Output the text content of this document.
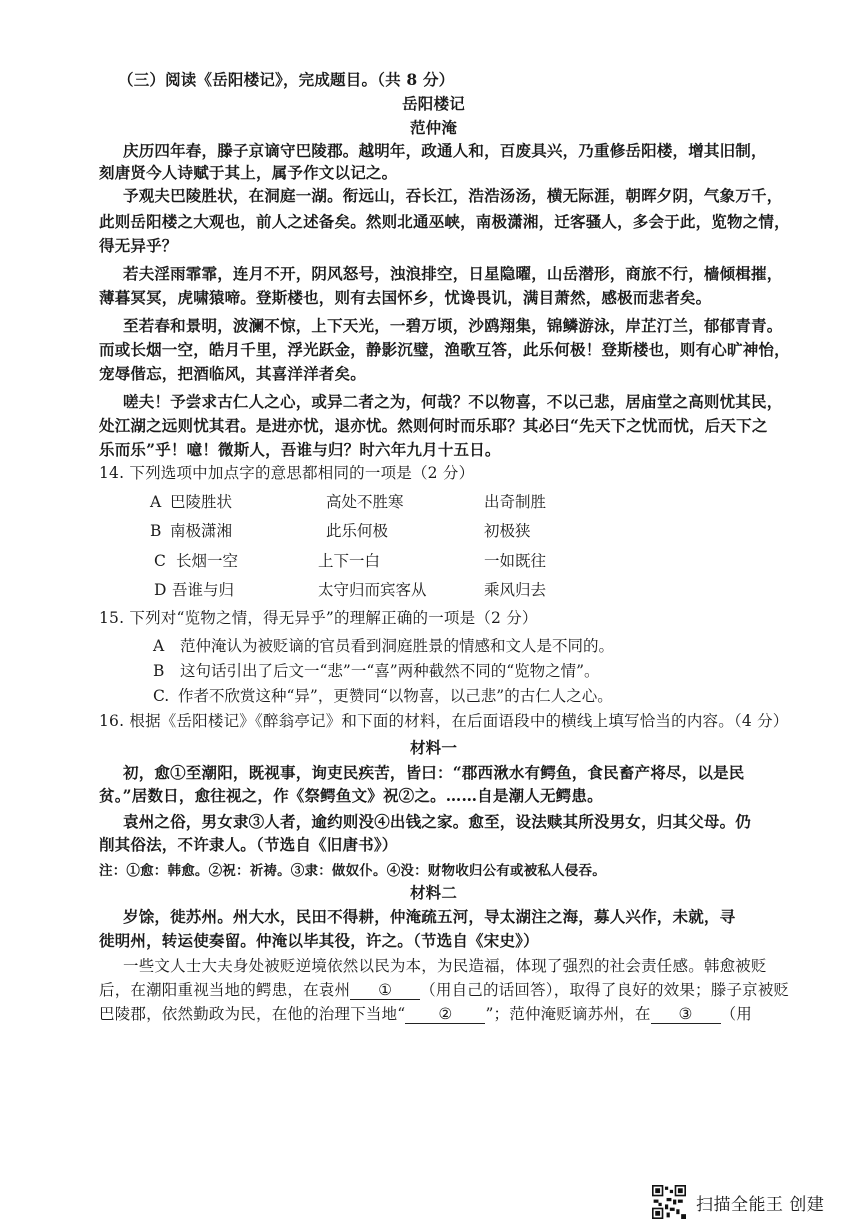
（三）阅读《岳阳楼记》，完成题目。（共 8 分）
岳阳楼记
范仲淹
庆历四年春，滕子京谪守巴陵郡。越明年，政通人和，百废具兴，乃重修岳阳楼，增其旧制，
刻唐贤今人诗赋于其上，属予作文以记之。
予观夫巴陵胜状，在洞庭一湖。衔远山，吞长江，浩浩汤汤，横无际涯，朝晖夕阴，气象万千，
此则岳阳楼之大观也，前人之述备矣。然则北通巫峡，南极潇湘，迁客骚人，多会于此，览物之情，
得无异乎？
若夫淫雨霏霏，连月不开，阴风怒号，浊浪排空，日星隐曜，山岳潜形，商旅不行，樯倾楫摧，
薄暮冥冥，虎啸猿啼。登斯楼也，则有去国怀乡，忧谗畏讥，满目萧然，感极而悲者矣。
至若春和景明，波澜不惊，上下天光，一碧万顷，沙鸥翔集，锦鳞游泳，岸芷汀兰，郁郁青青。
而或长烟一空，皓月千里，浮光跃金，静影沉璧，渔歌互答，此乐何极！登斯楼也，则有心旷神怡，
宠辱偕忘，把酒临风，其喜洋洋者矣。
嗟夫！予尝求古仁人之心，或异二者之为，何哉？不以物喜，不以己悲，居庙堂之高则忧其民，
处江湖之远则忧其君。是进亦忧，退亦忧。然则何时而乐耶？其必曰“先天下之忧而忧，后天下之
乐而乐”乎！噫！微斯人，吾谁与归？时六年九月十五日。
14. 下列选项中加点字的意思都相同的一项是（2 分）
A 巴陵胜状	高处不胜寒	出奇制胜
B 南极潇湘	此乐何极	初极狭
C 长烟一空	上下一白	一如既往
D 吾谁与归	太守归而宾客从	乘风归去
15. 下列对“览物之情，得无异乎”的理解正确的一项是（2 分）
A 范仲淹认为被贬谪的官员看到洞庭胜景的情感和文人是不同的。
B 这句话引出了后文一“悲”一“喜”两种截然不同的“览物之情”。
C. 作者不欣赏这种“异”，更赞同“以物喜，以己悲”的古仁人之心。
16. 根据《岳阳楼记》《醉翁亭记》和下面的材料，在后面语段中的横线上填写恰当的内容。（4 分）
材料一
初，愈①至潮阳，既视事，询吏民疾苦，皆曰：“郡西湫水有鳄鱼，食民畜产将尽，以是民
贫。”居数日，愈往视之，作《祭鳄鱼文》祝②之。……自是潮人无鳄患。
袁州之俗，男女隶③人者，逾约则没④出钱之家。愈至，设法赎其所没男女，归其父母。仍
削其俗法，不许隶人。（节选自《旧唐书》）
注：①愈：韩愈。②祝：祈祷。③隶：做奴仆。④没：财物收归公有或被私人侵吞。
材料二
岁馀，徙苏州。州大水，民田不得耕，仲淹疏五河，导太湖注之海，募人兴作，未就，寻
徙明州，转运使奏留。仲淹以毕其役，许之。（节选自《宋史》）
一些文人士大夫身处被贬逆境依然以民为本，为民造福，体现了强烈的社会责任感。韩愈被贬
后，在潮阳重视当地的鳄患，在袁州 ① （用自己的话回答），取得了良好的效果；滕子京被贬
巴陵郡，依然勤政为民，在他的治理下当地“ ② ”；范仲淹贬谪苏州，在 ③ （用
扫描全能王 创建
